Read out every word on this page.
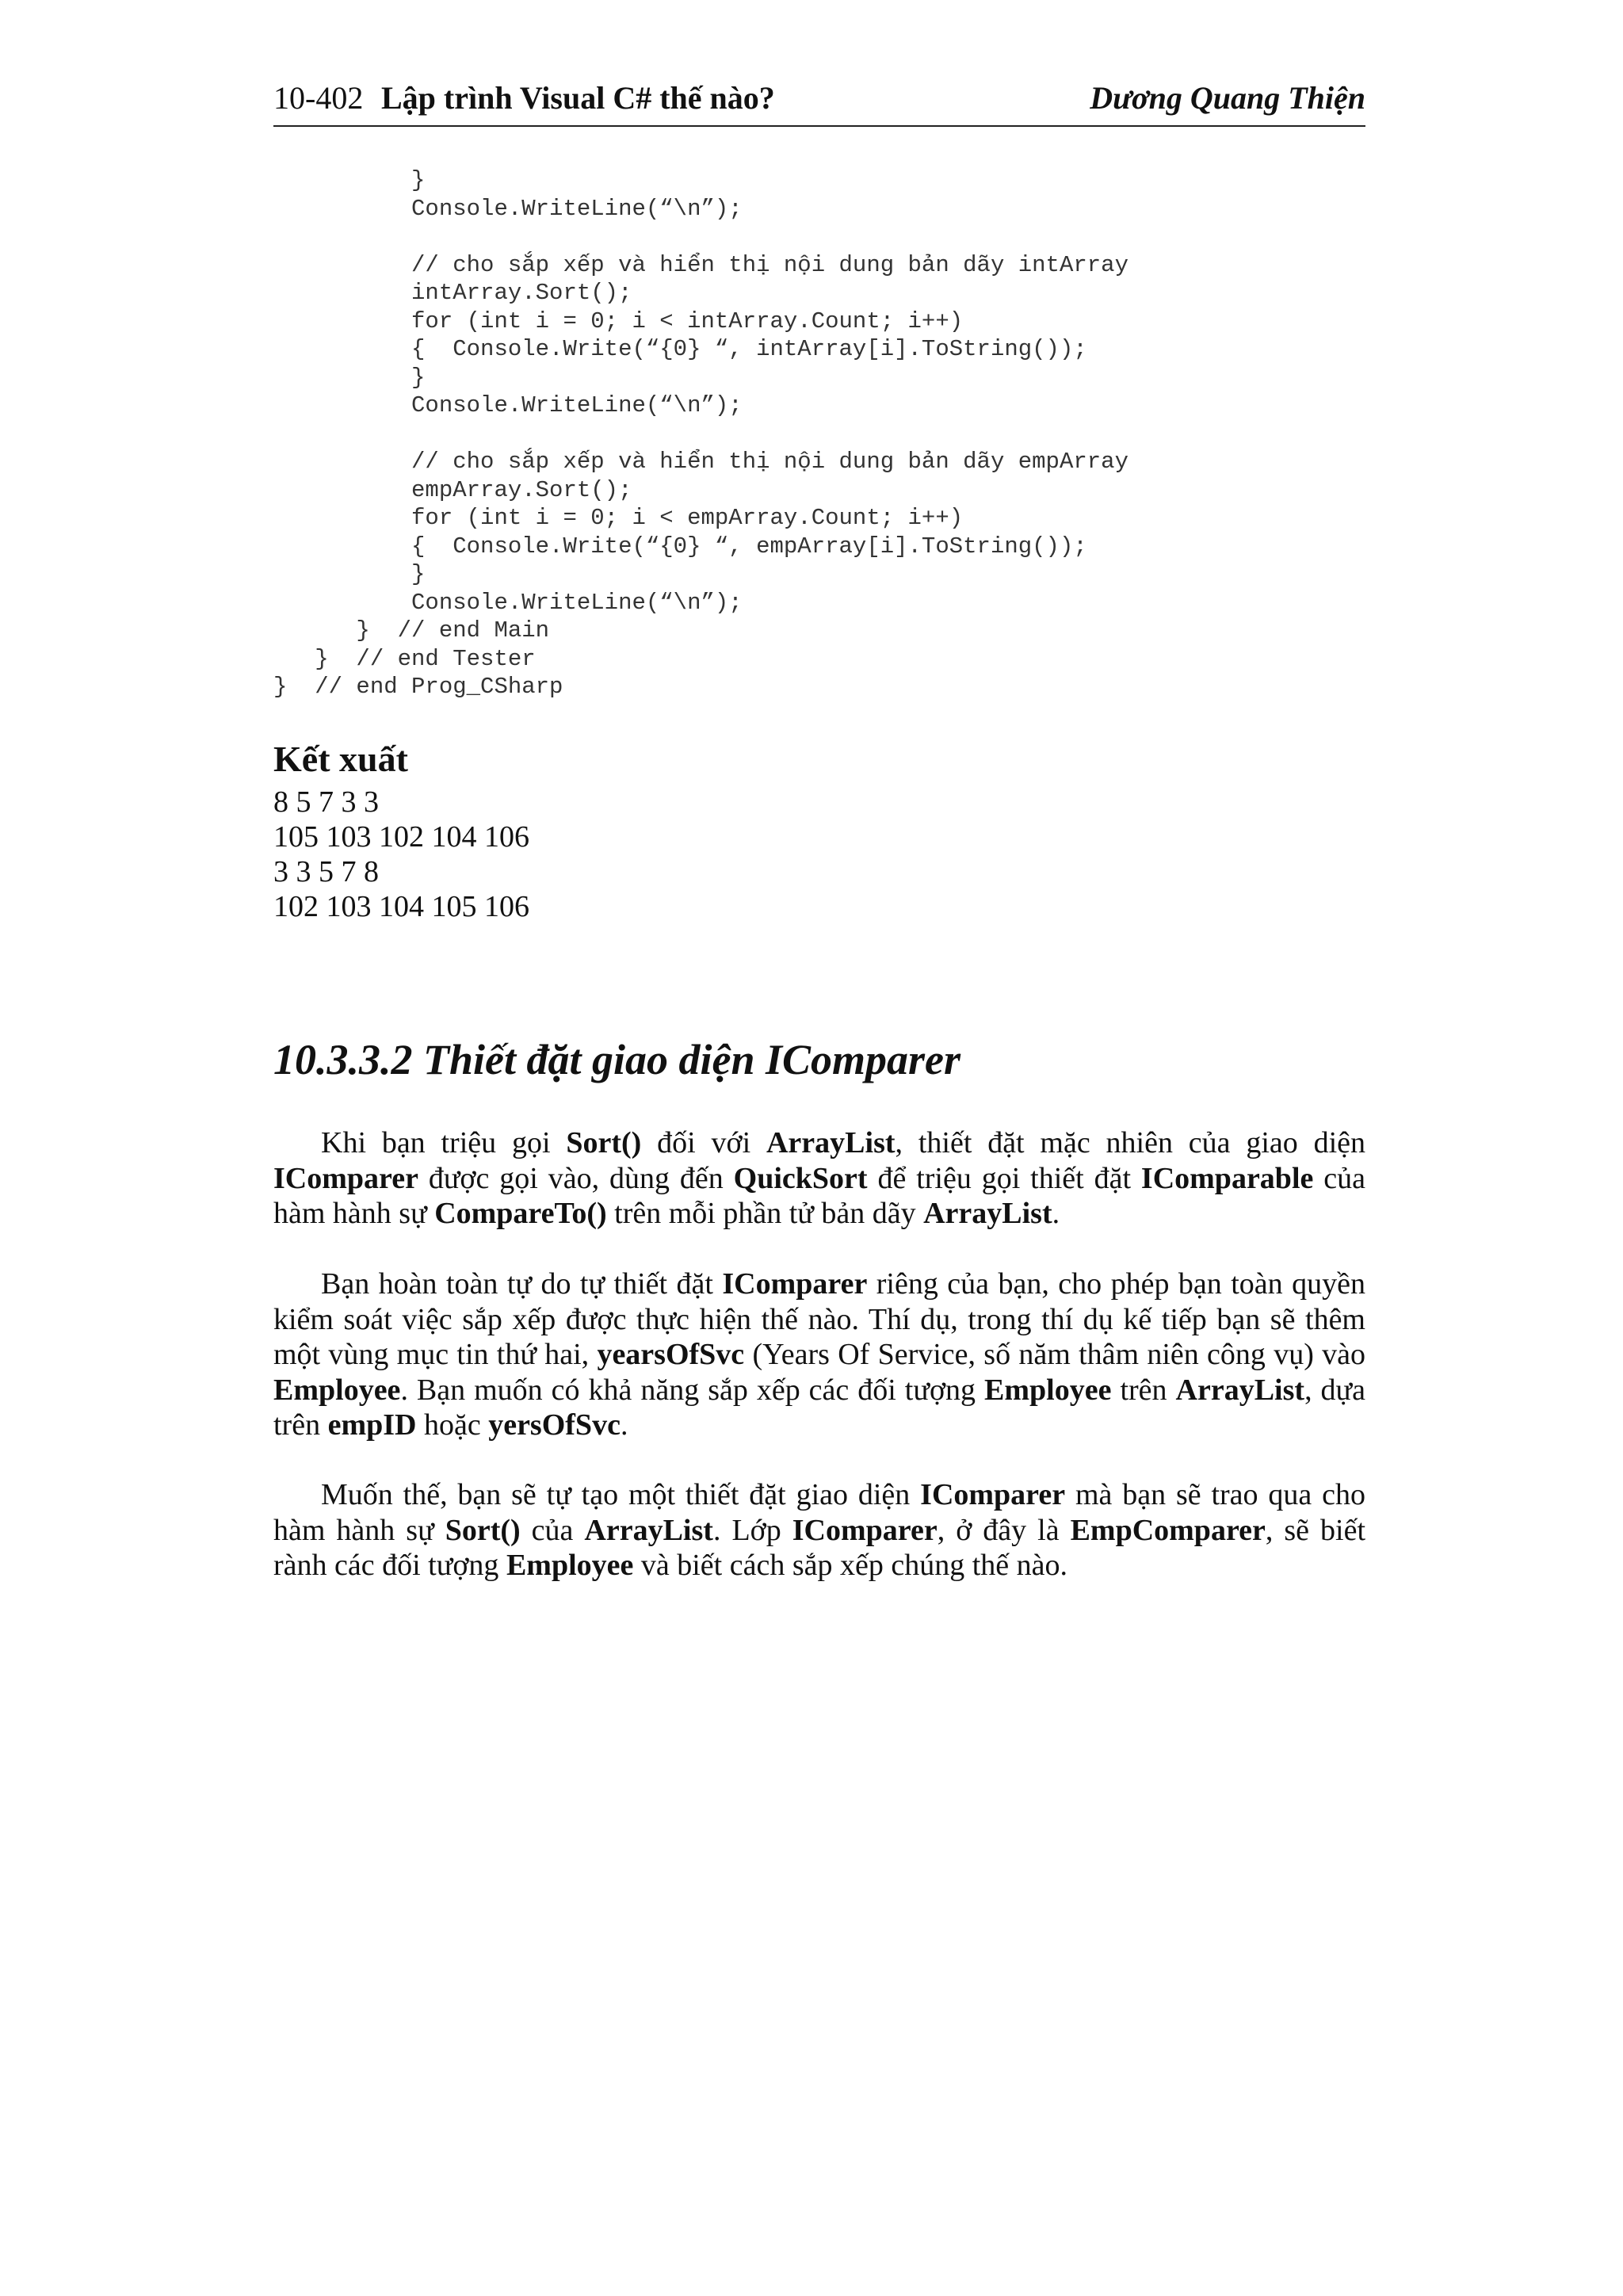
10-402 Lập trình Visual C# thế nào?	Dương Quang Thiện
}
Console.WriteLine(“\n”);
// cho sắp xếp và hiển thị nội dung bản dãy intArray
intArray.Sort();
for (int i = 0; i < intArray.Count; i++)
{  Console.Write(“{0} “, intArray[i].ToString());
}
Console.WriteLine(“\n”);
// cho sắp xếp và hiển thị nội dung bản dãy empArray
empArray.Sort();
for (int i = 0; i < empArray.Count; i++)
{  Console.Write(“{0} “, empArray[i].ToString());
}
Console.WriteLine(“\n”);
}  // end Main
}  // end Tester
}  // end Prog_CSharp
Kết xuất
8 5 7 3 3
105 103 102 104 106
3 3 5 7 8
102 103 104 105 106
10.3.3.2 Thiết đặt giao diện IComparer
Khi bạn triệu gọi Sort() đối với ArrayList, thiết đặt mặc nhiên của giao diện IComparer được gọi vào, dùng đến QuickSort để triệu gọi thiết đặt IComparable của hàm hành sự CompareTo() trên mỗi phần tử bản dãy ArrayList.
Bạn hoàn toàn tự do tự thiết đặt IComparer riêng của bạn, cho phép bạn toàn quyền kiểm soát việc sắp xếp được thực hiện thế nào. Thí dụ, trong thí dụ kế tiếp bạn sẽ thêm một vùng mục tin thứ hai, yearsOfSvc (Years Of Service, số năm thâm niên công vụ) vào Employee. Bạn muốn có khả năng sắp xếp các đối tượng Employee trên ArrayList, dựa trên empID hoặc yersOfSvc.
Muốn thế, bạn sẽ tự tạo một thiết đặt giao diện IComparer mà bạn sẽ trao qua cho hàm hành sự Sort() của ArrayList. Lớp IComparer, ở đây là EmpComparer, sẽ biết rành các đối tượng Employee và biết cách sắp xếp chúng thế nào.
